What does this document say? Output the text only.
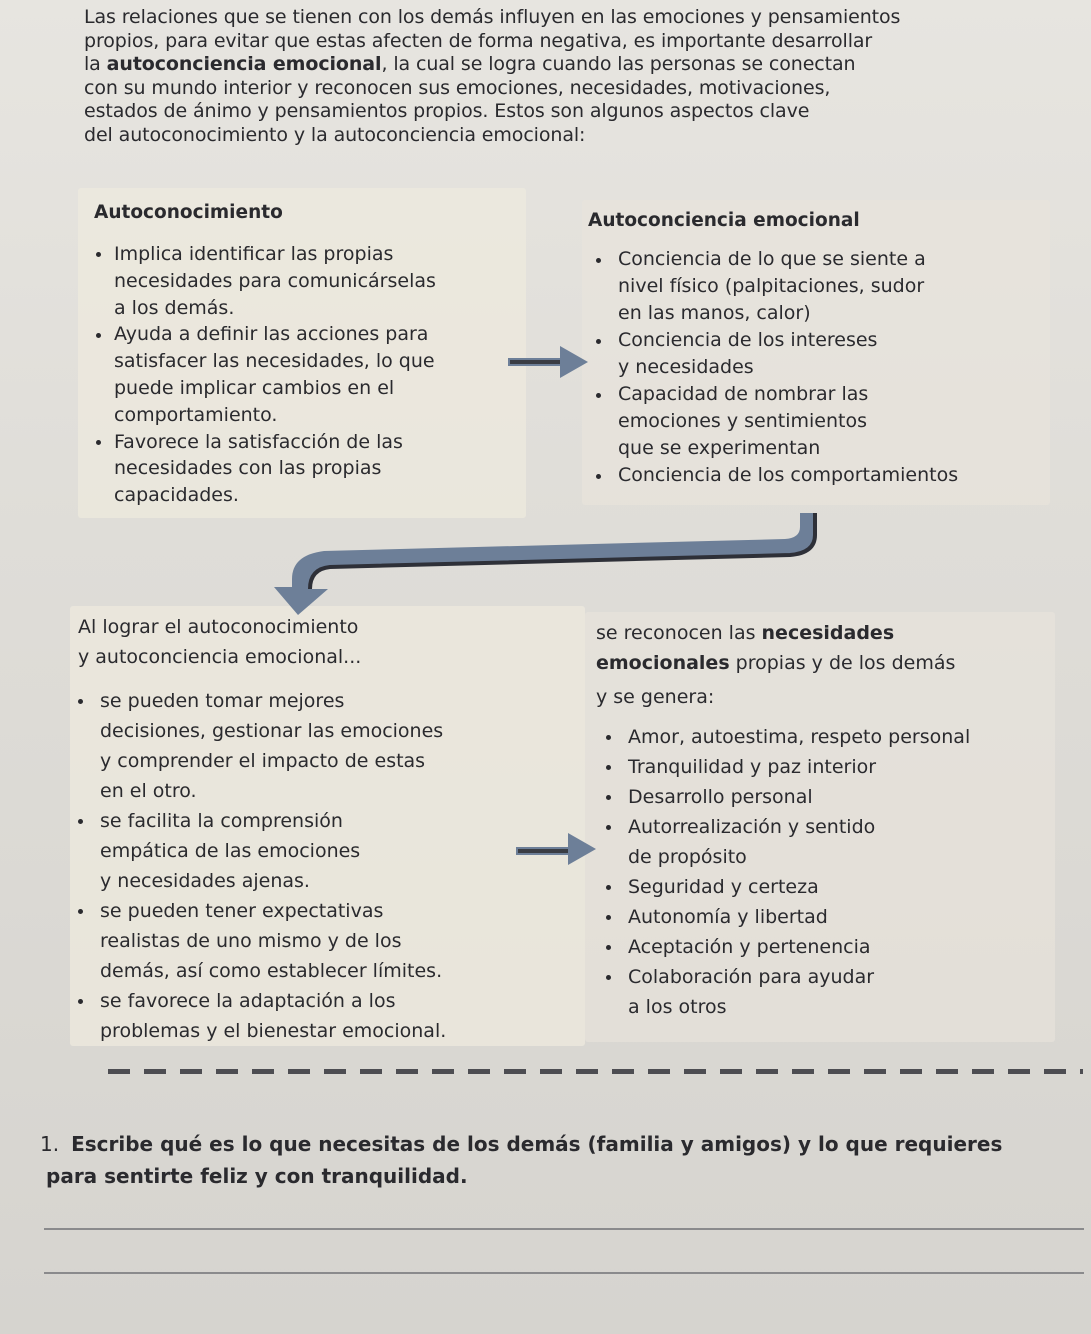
Las relaciones que se tienen con los demás influyen en las emociones y pensamientos

propios, para evitar que estas afecten de forma negativa, es importante desarrollar

la autoconciencia emocional, la cual se logra cuando las personas se conectan

con su mundo interior y reconocen sus emociones, necesidades, motivaciones,

estados de ánimo y pensamientos propios. Estos son algunos aspectos clave

del autoconocimiento y la autoconciencia emocional:

Autoconocimiento
Implica identificar las propias
necesidades para comunicárselas
a los demás.
Ayuda a definir las acciones para
satisfacer las necesidades, lo que
puede implicar cambios en el
comportamiento.
Favorece la satisfacción de las
necesidades con las propias
capacidades.
Autoconciencia emocional
Conciencia de lo que se siente a
nivel físico (palpitaciones, sudor
en las manos, calor)
Conciencia de los intereses
y necesidades
Capacidad de nombrar las
emociones y sentimientos
que se experimentan
Conciencia de los comportamientos
Al lograr el autoconocimiento
y autoconciencia emocional...
se pueden tomar mejores
decisiones, gestionar las emociones
y comprender el impacto de estas
en el otro.
se facilita la comprensión
empática de las emociones
y necesidades ajenas.
se pueden tener expectativas
realistas de uno mismo y de los
demás, así como establecer límites.
se favorece la adaptación a los
problemas y el bienestar emocional.
se reconocen las necesidades
emocionales propias y de los demás
y se genera:
Amor, autoestima, respeto personal
Tranquilidad y paz interior
Desarrollo personal
Autorrealización y sentido
de propósito
Seguridad y certeza
Autonomía y libertad
Aceptación y pertenencia
Colaboración para ayudar
a los otros
1. Escribe qué es lo que necesitas de los demás (familia y amigos) y lo que requieres
para sentirte feliz y con tranquilidad.
